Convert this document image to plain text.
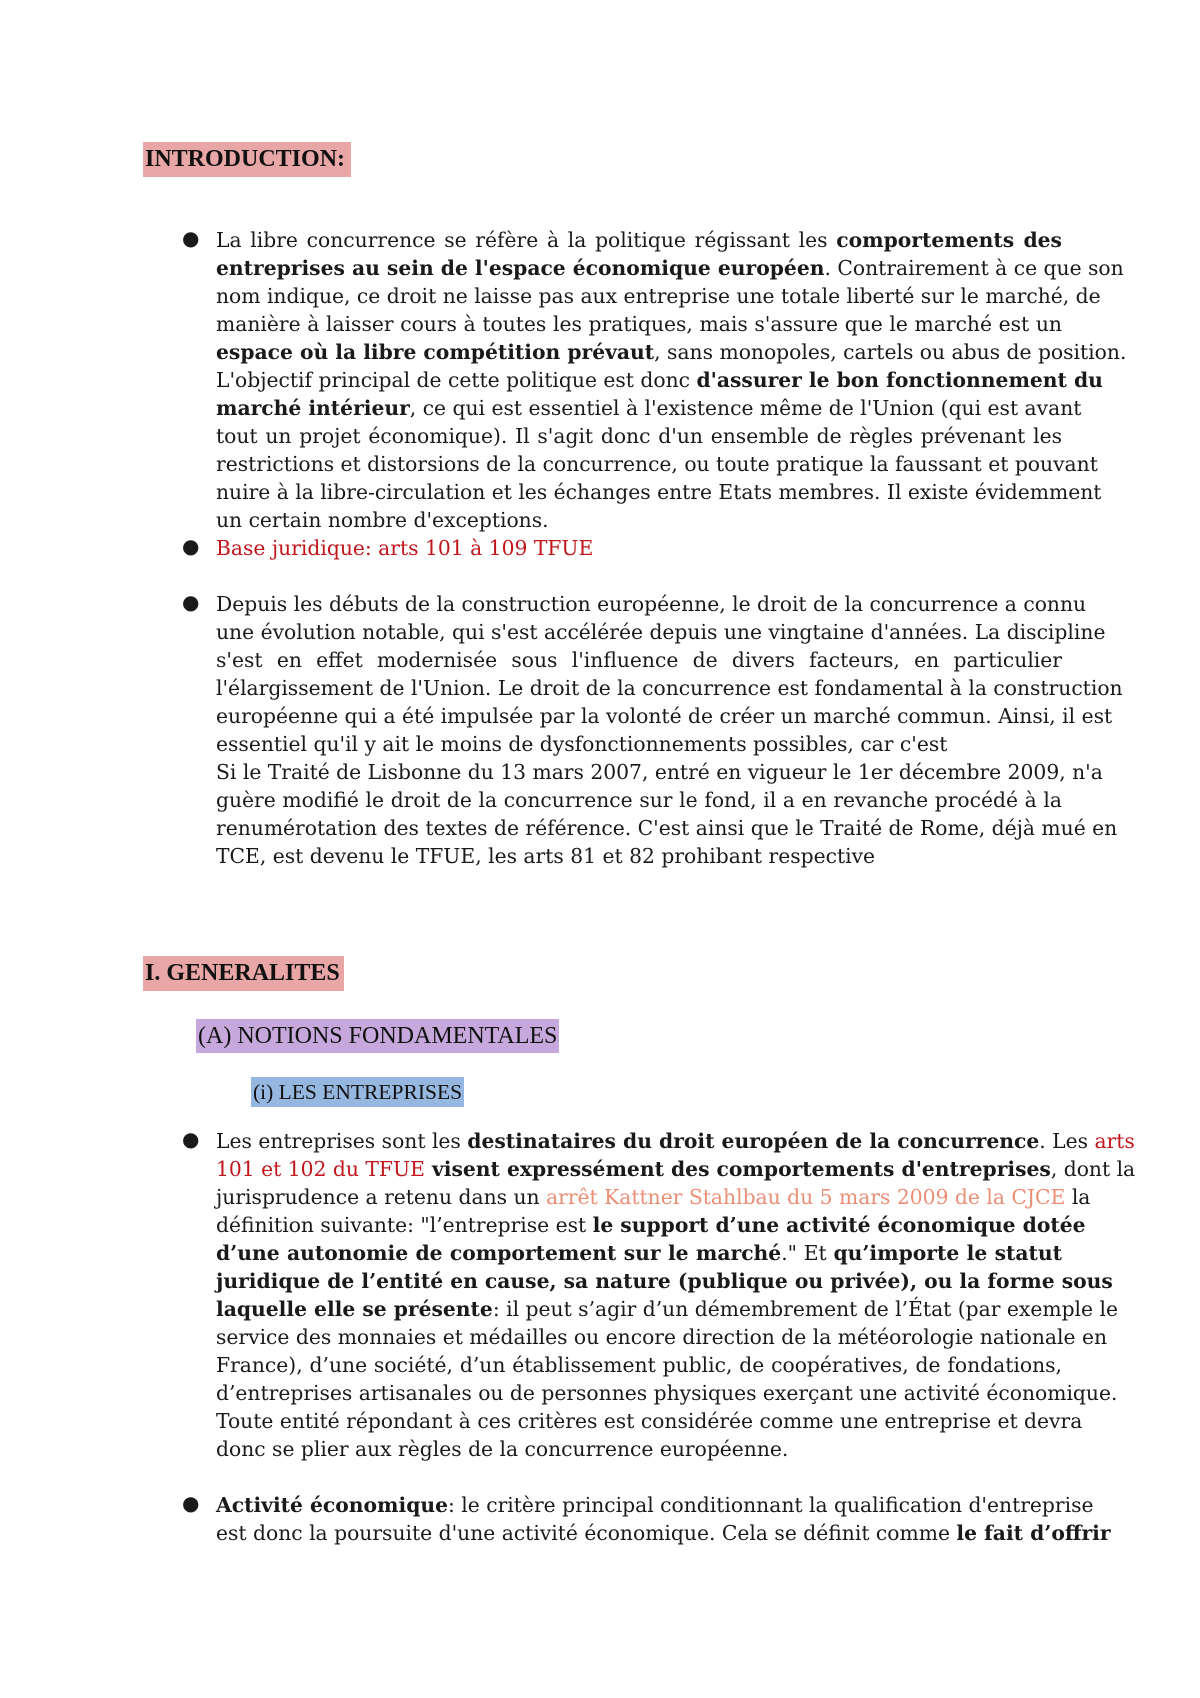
INTRODUCTION:
● La libre concurrence se réfère à la politique régissant les comportements des
entreprises au sein de l'espace économique européen. Contrairement à ce que son
nom indique, ce droit ne laisse pas aux entreprise une totale liberté sur le marché, de
manière à laisser cours à toutes les pratiques, mais s'assure que le marché est un
espace où la libre compétition prévaut, sans monopoles, cartels ou abus de position.
L'objectif principal de cette politique est donc d'assurer le bon fonctionnement du
marché intérieur, ce qui est essentiel à l'existence même de l'Union (qui est avant
tout un projet économique). Il s'agit donc d'un ensemble de règles prévenant les
restrictions et distorsions de la concurrence, ou toute pratique la faussant et pouvant
nuire à la libre-circulation et les échanges entre Etats membres. Il existe évidemment
un certain nombre d'exceptions.
● Base juridique: arts 101 à 109 TFUE
● Depuis les débuts de la construction européenne, le droit de la concurrence a connu
une évolution notable, qui s'est accélérée depuis une vingtaine d'années. La discipline
s'est en effet modernisée sous l'influence de divers facteurs, en particulier
l'élargissement de l'Union. Le droit de la concurrence est fondamental à la construction
européenne qui a été impulsée par la volonté de créer un marché commun. Ainsi, il est
essentiel qu'il y ait le moins de dysfonctionnements possibles, car c'est
Si le Traité de Lisbonne du 13 mars 2007, entré en vigueur le 1er décembre 2009, n'a
guère modifié le droit de la concurrence sur le fond, il a en revanche procédé à la
renumérotation des textes de référence. C'est ainsi que le Traité de Rome, déjà mué en
TCE, est devenu le TFUE, les arts 81 et 82 prohibant respective
I. GENERALITES
(A) NOTIONS FONDAMENTALES
(i) LES ENTREPRISES
● Les entreprises sont les destinataires du droit européen de la concurrence. Les arts
101 et 102 du TFUE visent expressément des comportements d'entreprises, dont la
jurisprudence a retenu dans un arrêt Kattner Stahlbau du 5 mars 2009 de la CJCE la
définition suivante: "l’entreprise est le support d’une activité économique dotée
d’une autonomie de comportement sur le marché." Et qu’importe le statut
juridique de l’entité en cause, sa nature (publique ou privée), ou la forme sous
laquelle elle se présente: il peut s’agir d’un démembrement de l’État (par exemple le
service des monnaies et médailles ou encore direction de la météorologie nationale en
France), d’une société, d’un établissement public, de coopératives, de fondations,
d’entreprises artisanales ou de personnes physiques exerçant une activité économique.
Toute entité répondant à ces critères est considérée comme une entreprise et devra
donc se plier aux règles de la concurrence européenne.
● Activité économique: le critère principal conditionnant la qualification d'entreprise
est donc la poursuite d'une activité économique. Cela se définit comme le fait d’offrir
